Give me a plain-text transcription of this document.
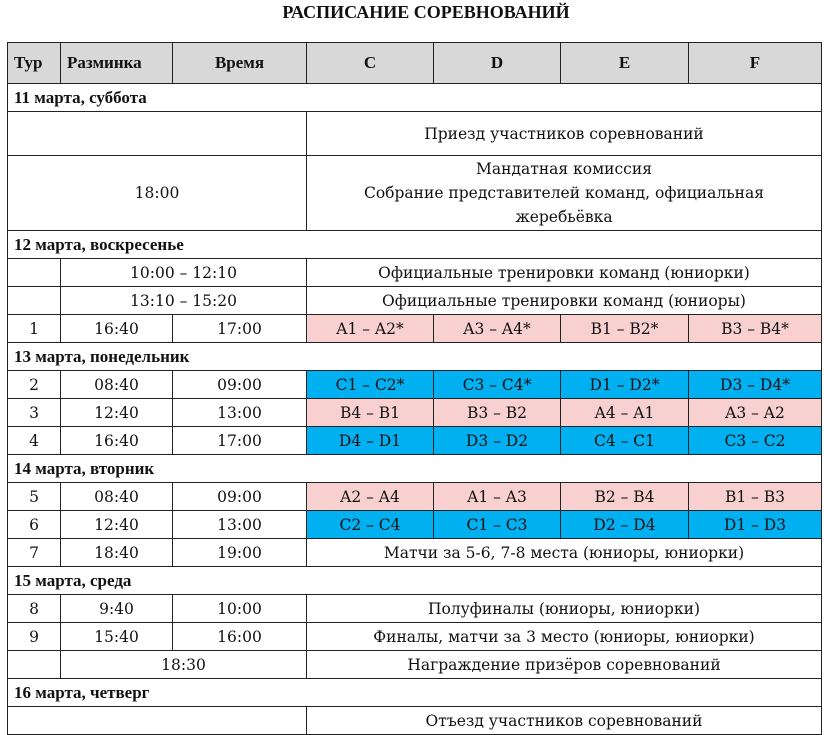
РАСПИСАНИЕ СОРЕВНОВАНИЙ
Тур	Разминка	Время	C	D	E	F
11 марта, суббота						
			Приезд участников соревнований			
18:00			Мандатная комиссия
Собрание представителей команд, официальная
жеребьёвка			

12 марта, воскресенье						
	10:00 – 12:10		Официальные тренировки команд (юниорки)			
	13:10 – 15:20		Официальные тренировки команд (юниоры)			
1	16:40	17:00	A1 – A2*	A3 – A4*	B1 – B2*	B3 – B4*
13 марта, понедельник						
2	08:40	09:00	C1 – C2*	C3 – C4*	D1 – D2*	D3 – D4*
3	12:40	13:00	B4 – B1	B3 – B2	A4 – A1	A3 – A2
4	16:40	17:00	D4 – D1	D3 – D2	C4 – C1	C3 – C2
14 марта, вторник						
5	08:40	09:00	A2 – A4	A1 – A3	B2 – B4	B1 – B3
6	12:40	13:00	C2 – C4	C1 – C3	D2 – D4	D1 – D3
7	18:40	19:00	Матчи за 5-6, 7-8 места (юниоры, юниорки)			
15 марта, среда						
8	9:40	10:00	Полуфиналы (юниоры, юниорки)			
9	15:40	16:00	Финалы, матчи за 3 место (юниоры, юниорки)			
	18:30		Награждение призёров соревнований			
16 марта, четверг						
			Отъезд участников соревнований			
